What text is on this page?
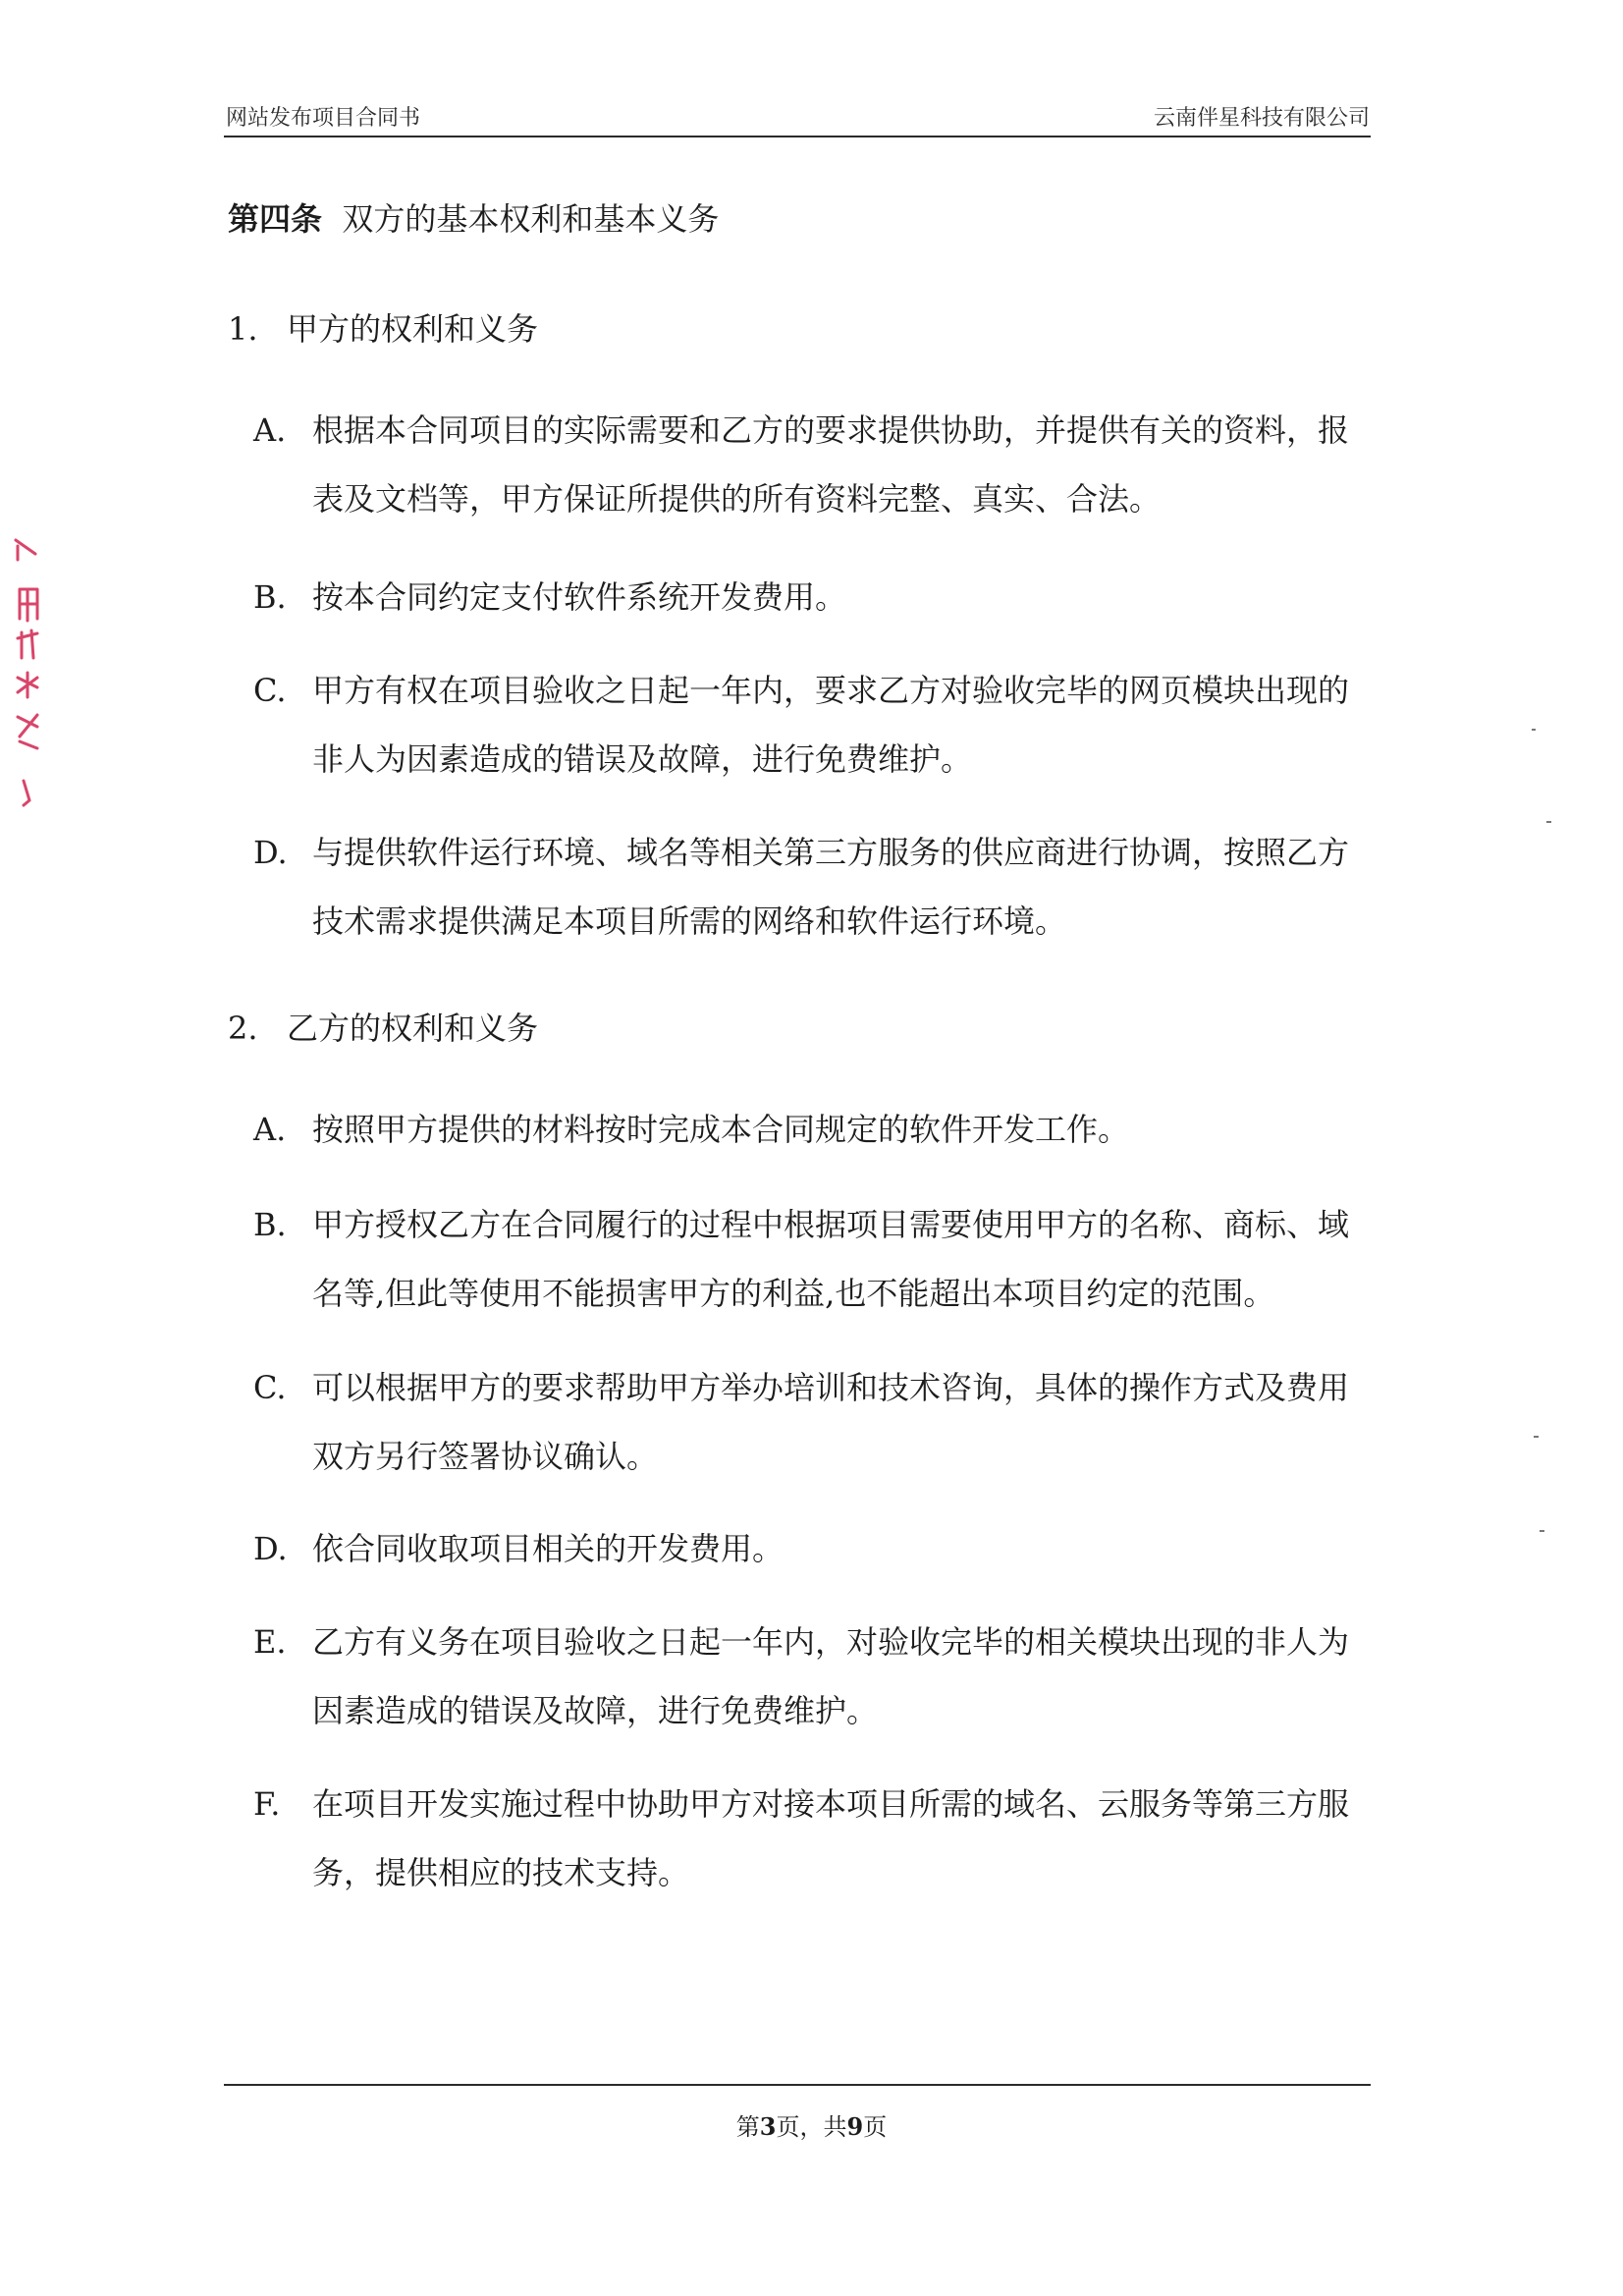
网站发布项目合同书	云南伴星科技有限公司
第四条 双方的基本权利和基本义务
1. 甲方的权利和义务
A. 根据本合同项目的实际需要和乙方的要求提供协助，并提供有关的资料，报表及文档等，甲方保证所提供的所有资料完整、真实、合法。
B. 按本合同约定支付软件系统开发费用。
C. 甲方有权在项目验收之日起一年内，要求乙方对验收完毕的网页模块出现的非人为因素造成的错误及故障，进行免费维护。
D. 与提供软件运行环境、域名等相关第三方服务的供应商进行协调，按照乙方技术需求提供满足本项目所需的网络和软件运行环境。
2. 乙方的权利和义务
A. 按照甲方提供的材料按时完成本合同规定的软件开发工作。
B. 甲方授权乙方在合同履行的过程中根据项目需要使用甲方的名称、商标、域名等,但此等使用不能损害甲方的利益,也不能超出本项目约定的范围。
C. 可以根据甲方的要求帮助甲方举办培训和技术咨询，具体的操作方式及费用双方另行签署协议确认。
D. 依合同收取项目相关的开发费用。
E. 乙方有义务在项目验收之日起一年内，对验收完毕的相关模块出现的非人为因素造成的错误及故障，进行免费维护。
F.	在项目开发实施过程中协助甲方对接本项目所需的域名、云服务等第三方服务，提供相应的技术支持。
第3页，共9页
